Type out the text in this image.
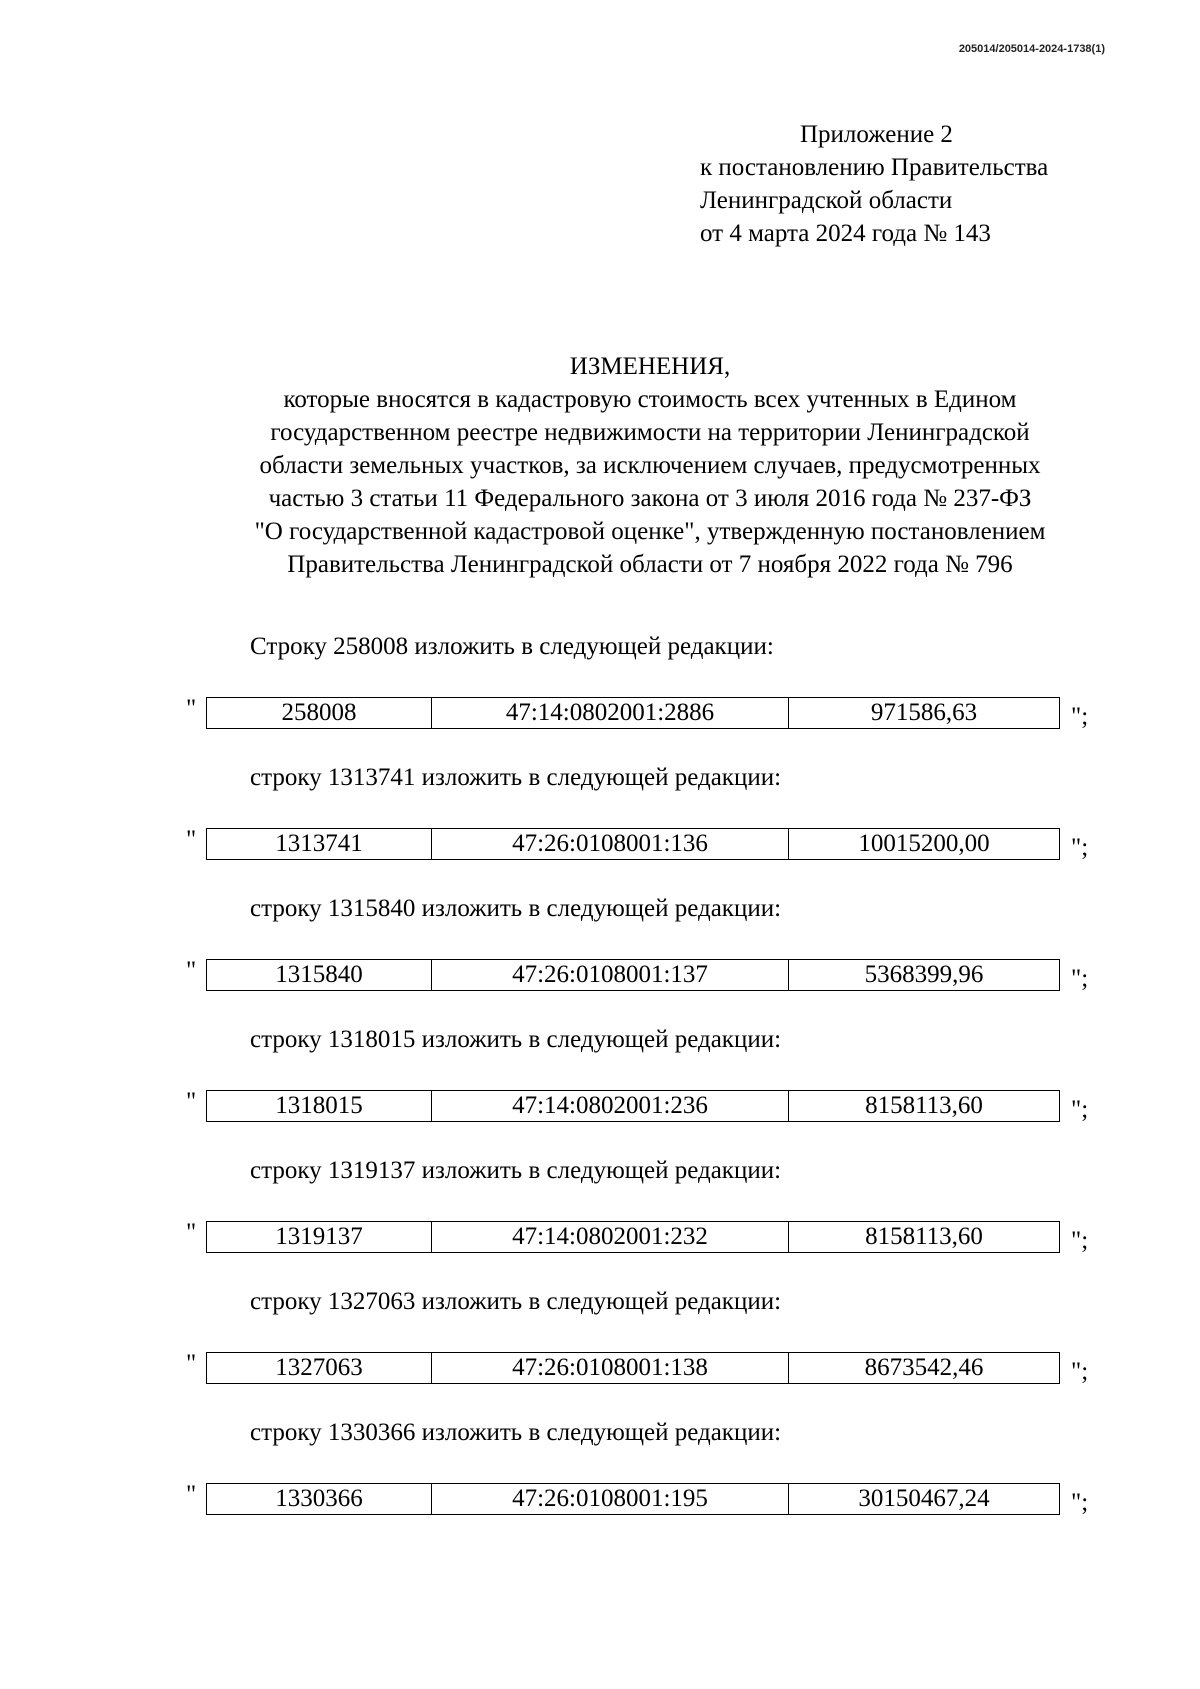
205014/205014-2024-1738(1)
Приложение 2
к постановлению Правительства
Ленинградской области
от 4 марта 2024 года № 143
ИЗМЕНЕНИЯ,
которые вносятся в кадастровую стоимость всех учтенных в Едином
государственном реестре недвижимости на территории Ленинградской
области земельных участков, за исключением случаев, предусмотренных
частью 3 статьи 11 Федерального закона от 3 июля 2016 года № 237-ФЗ
"О государственной кадастровой оценке", утвержденную постановлением
Правительства Ленинградской области от 7 ноября 2022 года № 796
Строку 258008 изложить в следующей редакции:
"	258008	47:14:0802001:2886	971586,63	";
строку 1313741 изложить в следующей редакции:
"	1313741	47:26:0108001:136	10015200,00	";
строку 1315840 изложить в следующей редакции:
"	1315840	47:26:0108001:137	5368399,96	";
строку 1318015 изложить в следующей редакции:
"	1318015	47:14:0802001:236	8158113,60	";
строку 1319137 изложить в следующей редакции:
"	1319137	47:14:0802001:232	8158113,60	";
строку 1327063 изложить в следующей редакции:
"	1327063	47:26:0108001:138	8673542,46	";
строку 1330366 изложить в следующей редакции:
"	1330366	47:26:0108001:195	30150467,24	";
